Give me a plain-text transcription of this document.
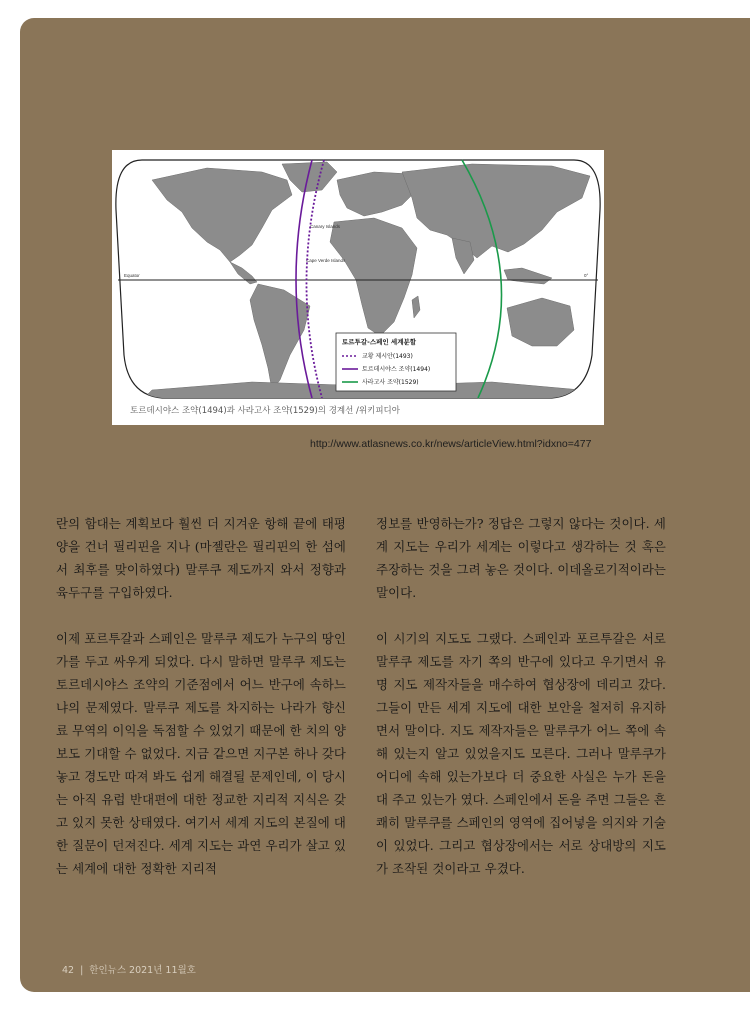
Equator	0°
Canary Islands
Cape Verde Islands
토르투갈-스페인 세계분할
교황 제시안(1493)
토르데시야스 조약(1494)
사라고사 조약(1529)
토르데시야스 조약(1494)과 사라고사 조약(1529)의 경계선 /위키피디아
http://www.atlasnews.co.kr/news/articleView.html?idxno=477

란의 함대는 계획보다 훨씬 더 지겨운 항해 끝에 태평양을 건너 필리핀을 지나 (마젤란은 필리핀의 한 섬에서 최후를 맞이하였다) 말루쿠 제도까지 와서 정향과 육두구를 구입하였다.

이제 포르투갈과 스페인은 말루쿠 제도가 누구의 땅인가를 두고 싸우게 되었다. 다시 말하면 말루쿠 제도는 토르데시야스 조약의 기준점에서 어느 반구에 속하느냐의 문제였다. 말루쿠 제도를 차지하는 나라가 향신료 무역의 이익을 독점할 수 있었기 때문에 한 치의 양보도 기대할 수 없었다. 지금 같으면 지구본 하나 갖다놓고 경도만 따져 봐도 쉽게 해결될 문제인데, 이 당시는 아직 유럽 반대편에 대한 정교한 지리적 지식은 갖고 있지 못한 상태였다. 여기서 세계 지도의 본질에 대한 질문이 던져진다. 세계 지도는 과연 우리가 살고 있는 세계에 대한 정확한 지리적

정보를 반영하는가? 정답은 그렇지 않다는 것이다. 세계 지도는 우리가 세계는 이렇다고 생각하는 것 혹은 주장하는 것을 그려 놓은 것이다. 이데올로기적이라는 말이다.

이 시기의 지도도 그랬다. 스페인과 포르투갈은 서로 말루쿠 제도를 자기 쪽의 반구에 있다고 우기면서 유명 지도 제작자들을 매수하여 협상장에 데리고 갔다. 그들이 만든 세계 지도에 대한 보안을 철저히 유지하면서 말이다. 지도 제작자들은 말루쿠가 어느 쪽에 속해 있는지 알고 있었을지도 모른다. 그러나 말루쿠가 어디에 속해 있는가보다 더 중요한 사실은 누가 돈을 대 주고 있는가 였다. 스페인에서 돈을 주면 그들은 흔쾌히 말루쿠를 스페인의 영역에 집어넣을 의지와 기술이 있었다. 그리고 협상장에서는 서로 상대방의 지도가 조작된 것이라고 우겼다.

42 | 한인뉴스 2021년 11월호
